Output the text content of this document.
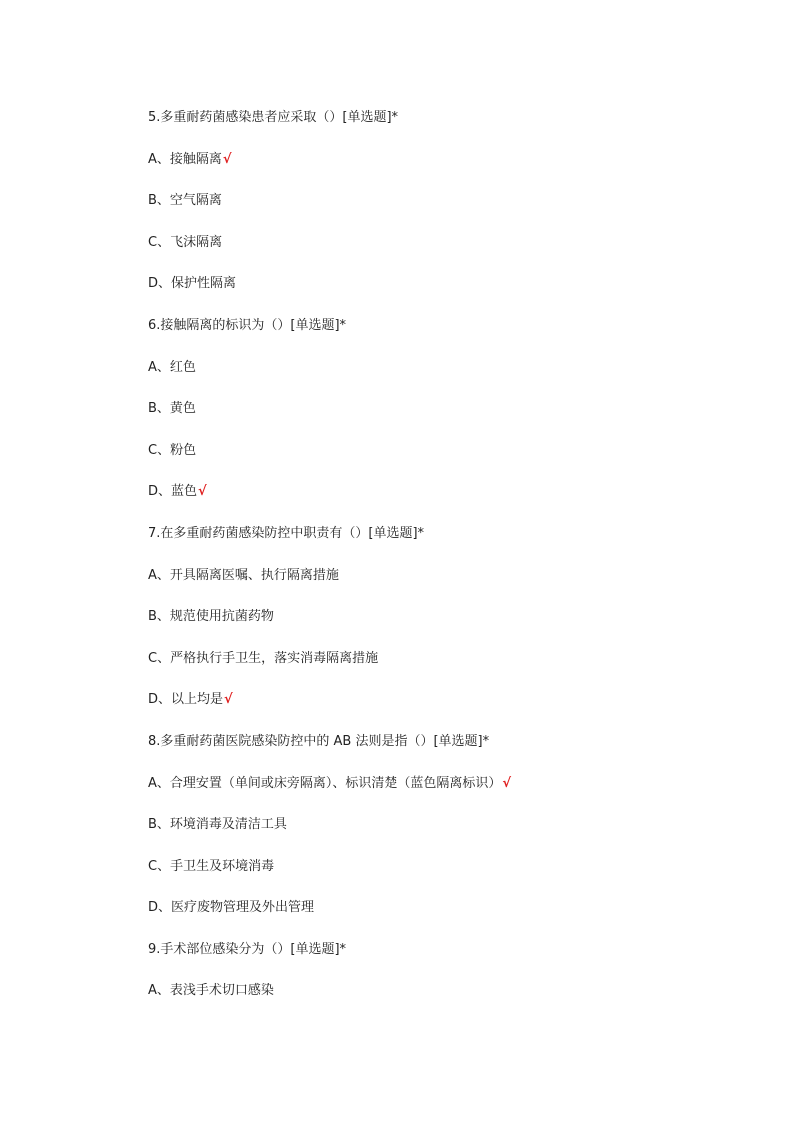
5.多重耐药菌感染患者应采取（）[单选题]*
A、接触隔离√
B、空气隔离
C、飞沫隔离
D、保护性隔离
6.接触隔离的标识为（）[单选题]*
A、红色
B、黄色
C、粉色
D、蓝色√
7.在多重耐药菌感染防控中职责有（）[单选题]*
A、开具隔离医嘱、执行隔离措施
B、规范使用抗菌药物
C、严格执行手卫生，落实消毒隔离措施
D、以上均是√
8.多重耐药菌医院感染防控中的 AB 法则是指（）[单选题]*
A、合理安置（单间或床旁隔离）、标识清楚（蓝色隔离标识）√
B、环境消毒及清洁工具
C、手卫生及环境消毒
D、医疗废物管理及外出管理
9.手术部位感染分为（）[单选题]*
A、表浅手术切口感染
